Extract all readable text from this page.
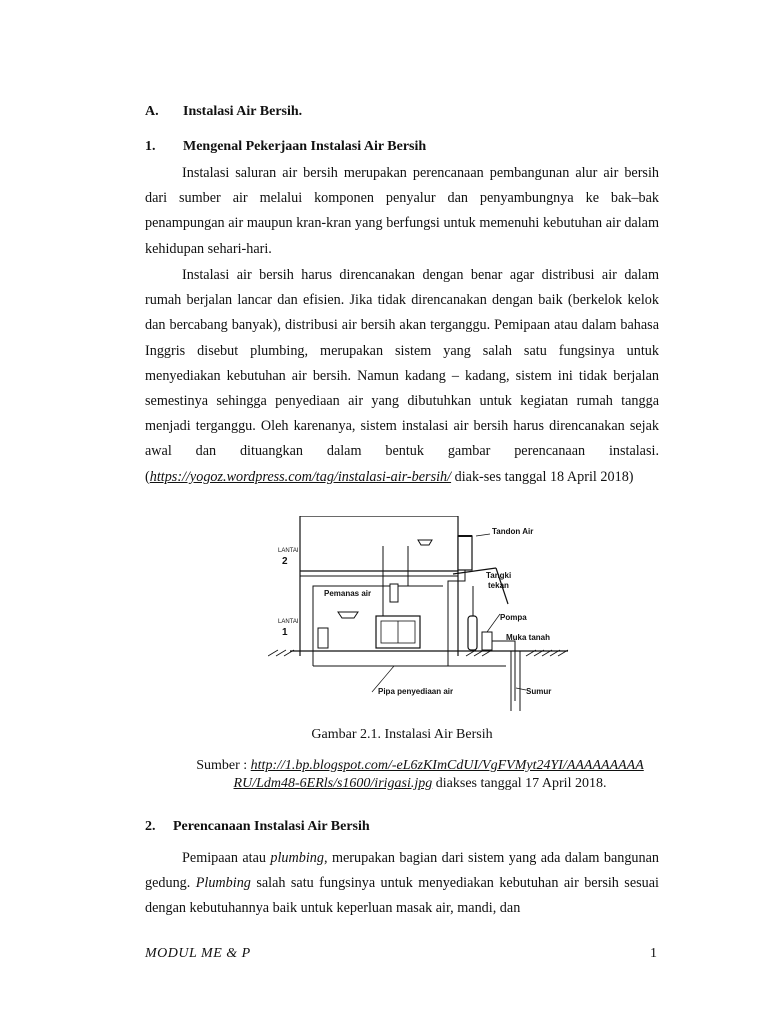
A. Instalasi Air Bersih.
1. Mengenal Pekerjaan Instalasi Air Bersih

Instalasi saluran air bersih merupakan perencanaan pembangunan alur air bersih dari sumber air melalui komponen penyalur dan penyambungnya ke bak–bak penampungan air maupun kran-kran yang berfungsi untuk memenuhi kebutuhan air dalam kehidupan sehari-hari.

Instalasi air bersih harus direncanakan dengan benar agar distribusi air dalam rumah berjalan lancar dan efisien. Jika tidak direncanakan dengan baik (berkelok kelok dan bercabang banyak), distribusi air bersih akan terganggu. Pemipaan atau dalam bahasa Inggris disebut plumbing, merupakan sistem yang salah satu fungsinya untuk menyediakan kebutuhan air bersih. Namun kadang – kadang, sistem ini tidak berjalan semestinya sehingga penyediaan air yang dibutuhkan untuk kegiatan rumah tangga menjadi terganggu. Oleh karenanya, sistem instalasi air bersih harus direncanakan sejak awal dan dituangkan dalam bentuk gambar perencanaan instalasi. (https://yogoz.wordpress.com/tag/instalasi-air-bersih/ diak-ses tanggal 18 April 2018)

Tandon Air
LANTAI
2
Tangki
tekan
Pemanas air
LANTAI
1
Pompa
Muka tanah
Pipa penyediaan air	Sumur
Gambar 2.1. Instalasi Air Bersih
Sumber : http://1.bp.blogspot.com/-eL6zKImCdUI/VgFVMyt24YI/AAAAAAAAARU/Ldm48-6ERls/s1600/irigasi.jpg diakses tanggal 17 April 2018.
2. Perencanaan Instalasi Air Bersih

Pemipaan atau plumbing, merupakan bagian dari sistem yang ada dalam bangunan gedung. Plumbing salah satu fungsinya untuk menyediakan kebutuhan air bersih sesuai dengan kebutuhannya baik untuk keperluan masak air, mandi, dan

MODUL ME & P	1
